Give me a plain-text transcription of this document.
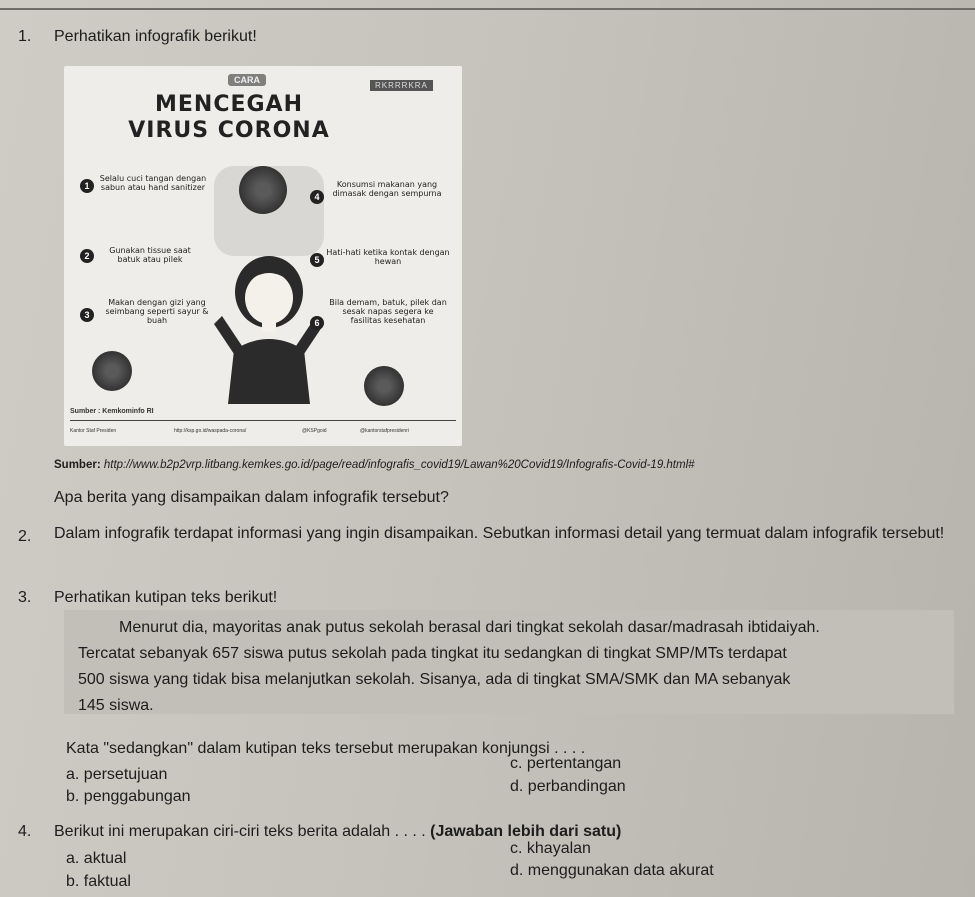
1. Perhatikan infografik berikut!
CARA
RKRRRKRA
MENCEGAH
VIRUS CORONA
1
Selalu cuci tangan dengan sabun atau hand sanitizer
2
Gunakan tissue saat batuk atau pilek
3
Makan dengan gizi yang seimbang seperti sayur & buah
4
Konsumsi makanan yang dimasak dengan sempurna
5
Hati-hati ketika kontak dengan hewan
6
Bila demam, batuk, pilek dan sesak napas segera ke fasilitas kesehatan
Sumber : Kemkominfo RI
Kantor Staf Presiden	http://ksp.go.id/waspada-corona/	@KSPgoid	@kantorstafpresidenri
Sumber: http://www.b2p2vrp.litbang.kemkes.go.id/page/read/infografis_covid19/Lawan%20Covid19/Infografis-Covid-19.html#
Apa berita yang disampaikan dalam infografik tersebut?
2. Dalam infografik terdapat informasi yang ingin disampaikan. Sebutkan informasi detail yang termuat dalam infografik tersebut!
3. Perhatikan kutipan teks berikut!
Menurut dia, mayoritas anak putus sekolah berasal dari tingkat sekolah dasar/madrasah ibtidaiyah.
Tercatat sebanyak 657 siswa putus sekolah pada tingkat itu sedangkan di tingkat SMP/MTs terdapat
500 siswa yang tidak bisa melanjutkan sekolah. Sisanya, ada di tingkat SMA/SMK dan MA sebanyak
145 siswa.
Kata "sedangkan" dalam kutipan teks tersebut merupakan konjungsi . . . .
a. persetujuan
b. penggabungan
c. pertentangan
d. perbandingan
4. Berikut ini merupakan ciri-ciri teks berita adalah . . . . (Jawaban lebih dari satu)
a. aktual
b. faktual
c. khayalan
d. menggunakan data akurat
